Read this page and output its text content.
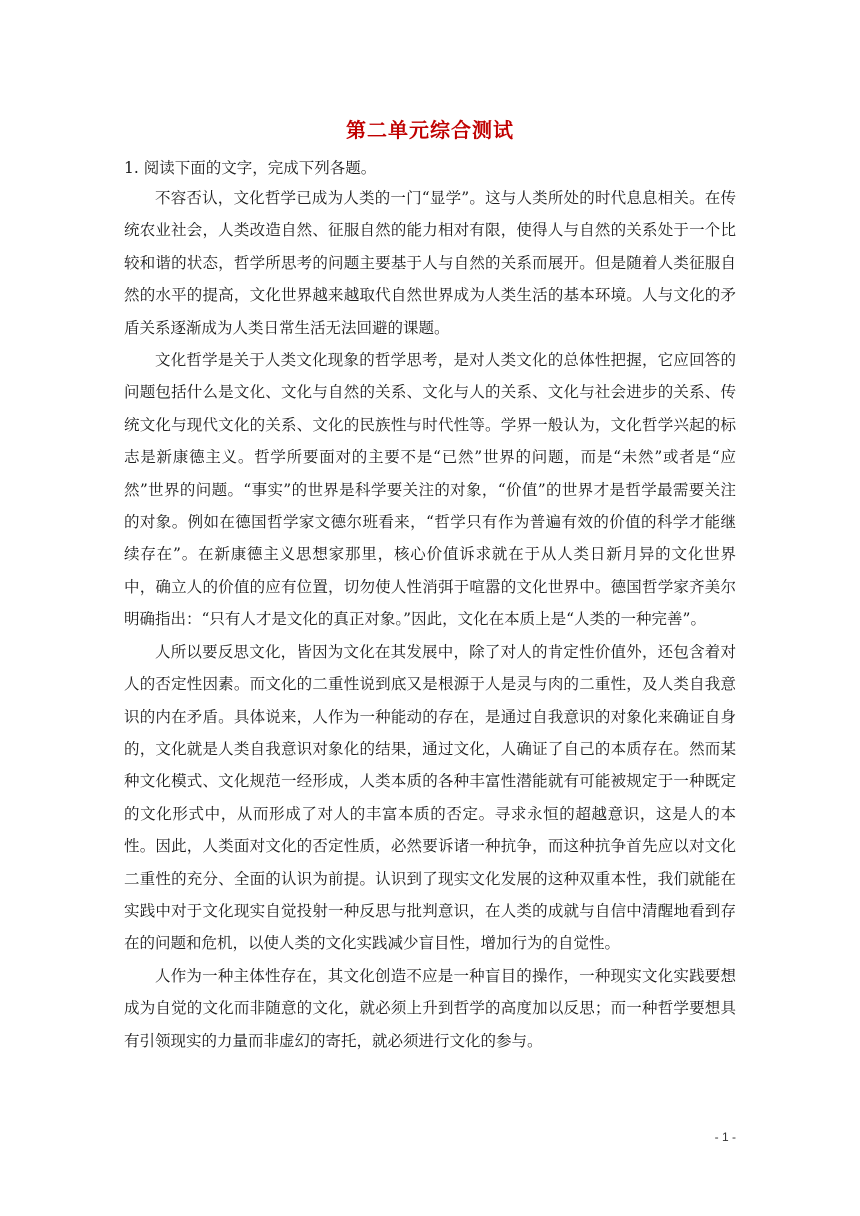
第二单元综合测试
1. 阅读下面的文字，完成下列各题。

不容否认，文化哲学已成为人类的一门“显学”。这与人类所处的时代息息相关。在传统农业社会，人类改造自然、征服自然的能力相对有限，使得人与自然的关系处于一个比较和谐的状态，哲学所思考的问题主要基于人与自然的关系而展开。但是随着人类征服自然的水平的提高，文化世界越来越取代自然世界成为人类生活的基本环境。人与文化的矛盾关系逐渐成为人类日常生活无法回避的课题。

文化哲学是关于人类文化现象的哲学思考，是对人类文化的总体性把握，它应回答的问题包括什么是文化、文化与自然的关系、文化与人的关系、文化与社会进步的关系、传统文化与现代文化的关系、文化的民族性与时代性等。学界一般认为，文化哲学兴起的标志是新康德主义。哲学所要面对的主要不是“已然”世界的问题，而是“未然”或者是“应然”世界的问题。“事实”的世界是科学要关注的对象，“价值”的世界才是哲学最需要关注的对象。例如在德国哲学家文德尔班看来，“哲学只有作为普遍有效的价值的科学才能继续存在”。在新康德主义思想家那里，核心价值诉求就在于从人类日新月异的文化世界中，确立人的价值的应有位置，切勿使人性消弭于喧嚣的文化世界中。德国哲学家齐美尔明确指出：“只有人才是文化的真正对象。”因此，文化在本质上是“人类的一种完善”。

人所以要反思文化，皆因为文化在其发展中，除了对人的肯定性价值外，还包含着对人的否定性因素。而文化的二重性说到底又是根源于人是灵与肉的二重性，及人类自我意识的内在矛盾。具体说来，人作为一种能动的存在，是通过自我意识的对象化来确证自身的，文化就是人类自我意识对象化的结果，通过文化，人确证了自己的本质存在。然而某种文化模式、文化规范一经形成，人类本质的各种丰富性潜能就有可能被规定于一种既定的文化形式中，从而形成了对人的丰富本质的否定。寻求永恒的超越意识，这是人的本性。因此，人类面对文化的否定性质，必然要诉诸一种抗争，而这种抗争首先应以对文化二重性的充分、全面的认识为前提。认识到了现实文化发展的这种双重本性，我们就能在实践中对于文化现实自觉投射一种反思与批判意识，在人类的成就与自信中清醒地看到存在的问题和危机，以使人类的文化实践减少盲目性，增加行为的自觉性。

人作为一种主体性存在，其文化创造不应是一种盲目的操作，一种现实文化实践要想成为自觉的文化而非随意的文化，就必须上升到哲学的高度加以反思；而一种哲学要想具有引领现实的力量而非虚幻的寄托，就必须进行文化的参与。

- 1 -
